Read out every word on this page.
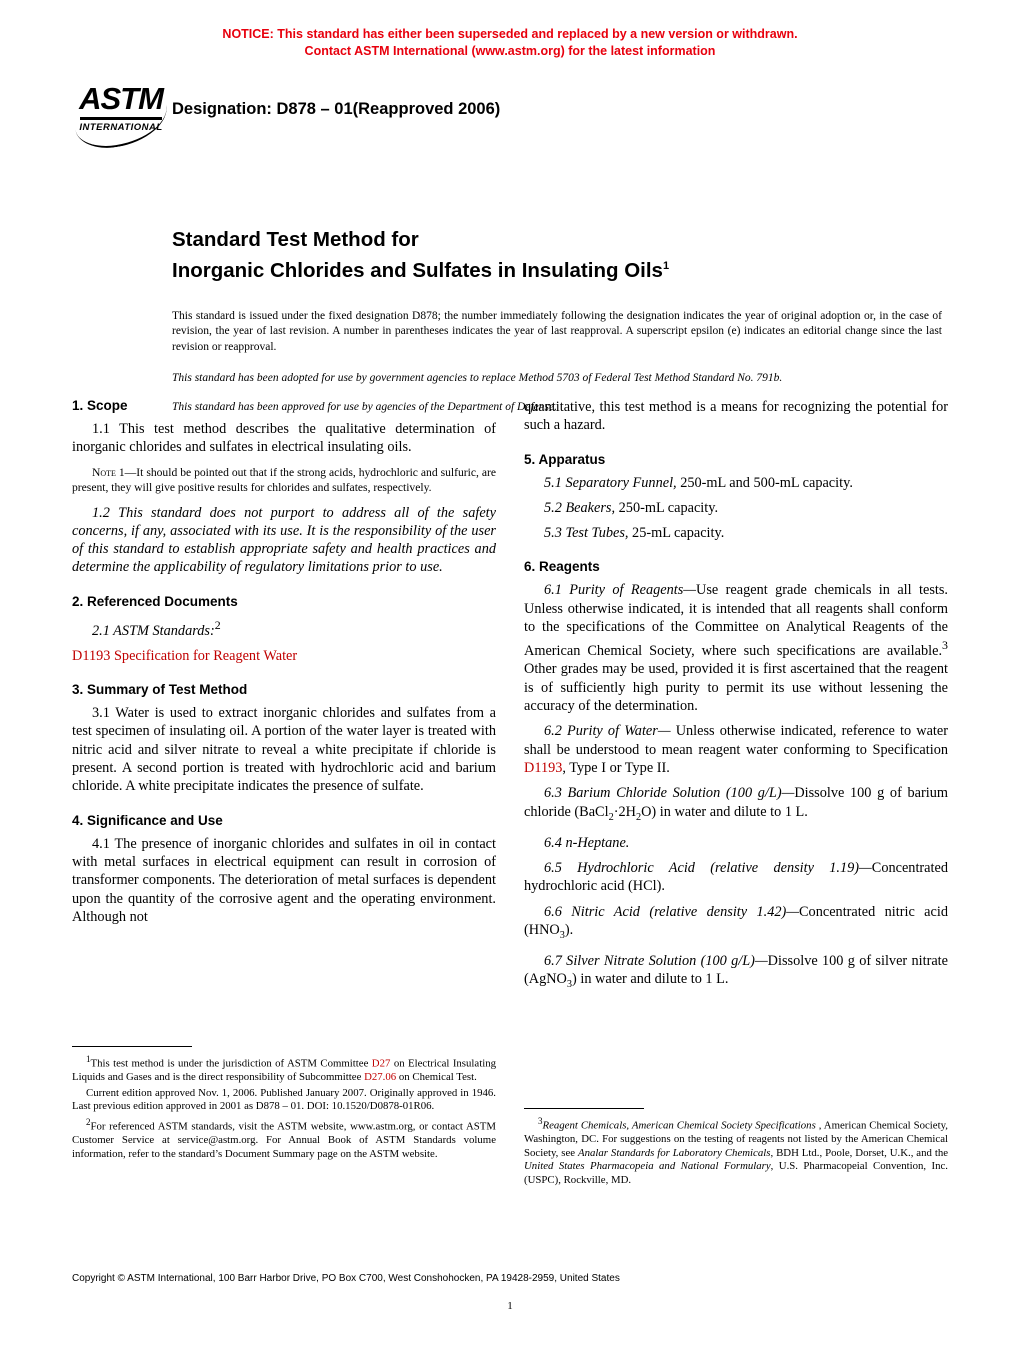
NOTICE: This standard has either been superseded and replaced by a new version or withdrawn.
Contact ASTM International (www.astm.org) for the latest information
ASTM
INTERNATIONAL
Designation: D878 – 01(Reapproved 2006)
Standard Test Method for
Inorganic Chlorides and Sulfates in Insulating Oils$^1$
This standard is issued under the fixed designation D878; the number immediately following the designation indicates the year of original adoption or, in the case of revision, the year of last revision. A number in parentheses indicates the year of last reapproval. A superscript epsilon (e) indicates an editorial change since the last revision or reapproval.
This standard has been adopted for use by government agencies to replace Method 5703 of Federal Test Method Standard No. 791b.
This standard has been approved for use by agencies of the Department of Defense.
1. Scope

1.1 This test method describes the qualitative determination of inorganic chlorides and sulfates in electrical insulating oils.

Note 1—It should be pointed out that if the strong acids, hydrochloric and sulfuric, are present, they will give positive results for chlorides and sulfates, respectively.

1.2 This standard does not purport to address all of the safety concerns, if any, associated with its use. It is the responsibility of the user of this standard to establish appropriate safety and health practices and determine the applicability of regulatory limitations prior to use.

2. Referenced Documents

2.1 ASTM Standards:$^2$

D1193 Specification for Reagent Water

3. Summary of Test Method

3.1 Water is used to extract inorganic chlorides and sulfates from a test specimen of insulating oil. A portion of the water layer is treated with nitric acid and silver nitrate to reveal a white precipitate if chloride is present. A second portion is treated with hydrochloric acid and barium chloride. A white precipitate indicates the presence of sulfate.

4. Significance and Use

4.1 The presence of inorganic chlorides and sulfates in oil in contact with metal surfaces in electrical equipment can result in corrosion of transformer components. The deterioration of metal surfaces is dependent upon the quantity of the corrosive agent and the operating environment. Although not

quantitative, this test method is a means for recognizing the potential for such a hazard.

5. Apparatus

5.1 Separatory Funnel, 250-mL and 500-mL capacity.

5.2 Beakers, 250-mL capacity.

5.3 Test Tubes, 25-mL capacity.

6. Reagents

6.1 Purity of Reagents—Use reagent grade chemicals in all tests. Unless otherwise indicated, it is intended that all reagents shall conform to the specifications of the Committee on Analytical Reagents of the American Chemical Society, where such specifications are available.$^3$ Other grades may be used, provided it is first ascertained that the reagent is of sufficiently high purity to permit its use without lessening the accuracy of the determination.

6.2 Purity of Water— Unless otherwise indicated, reference to water shall be understood to mean reagent water conforming to Specification D1193, Type I or Type II.

6.3 Barium Chloride Solution (100 g/L)—Dissolve 100 g of barium chloride $(BaCl_2\cdot 2H_2O)$ in water and dilute to 1 L.

6.4 n-Heptane.

6.5 Hydrochloric Acid (relative density 1.19)—Concentrated hydrochloric acid (HCl).

6.6 Nitric Acid (relative density 1.42)—Concentrated nitric acid $(HNO_3)$.

6.7 Silver Nitrate Solution (100 g/L)—Dissolve 100 g of silver nitrate (AgNO$_3$) in water and dilute to 1 L.

$^1$This test method is under the jurisdiction of ASTM Committee D27 on Electrical Insulating Liquids and Gases and is the direct responsibility of Subcommittee D27.06 on Chemical Test.

Current edition approved Nov. 1, 2006. Published January 2007. Originally approved in 1946. Last previous edition approved in 2001 as D878 – 01. DOI: 10.1520/D0878-01R06.

$^2$For referenced ASTM standards, visit the ASTM website, www.astm.org, or contact ASTM Customer Service at service@astm.org. For Annual Book of ASTM Standards volume information, refer to the standard’s Document Summary page on the ASTM website.

$^3$Reagent Chemicals, American Chemical Society Specifications , American Chemical Society, Washington, DC. For suggestions on the testing of reagents not listed by the American Chemical Society, see Analar Standards for Laboratory Chemicals, BDH Ltd., Poole, Dorset, U.K., and the United States Pharmacopeia and National Formulary, U.S. Pharmacopeial Convention, Inc. (USPC), Rockville, MD.

Copyright © ASTM International, 100 Barr Harbor Drive, PO Box C700, West Conshohocken, PA 19428-2959, United States
1
